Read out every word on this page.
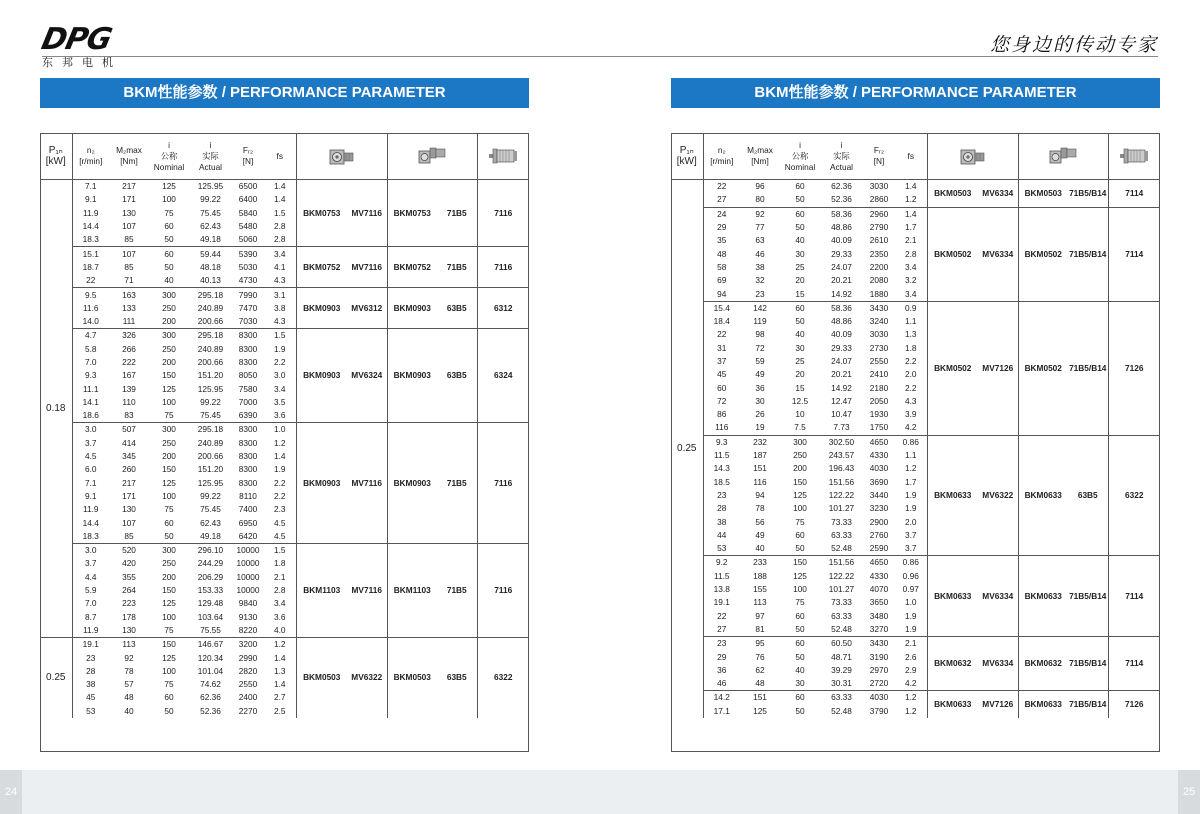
DPG
东邦电机
您身边的传动专家
BKM性能参数 / PERFORMANCE PARAMETER	BKM性能参数 / PERFORMANCE PARAMETER
P₁ₙ
[kW]	n₂
[r/min]	M₂max
[Nm]	i
公称
Nominal	i
实际
Actual	Fᵣ₂
[N]	fs	

0.18	7.1	217	125	125.95	6500	1.4	BKM0753	MV7116	BKM0753	71B5	7116
	9.1	171	100	99.22	6400	1.4					
	11.9	130	75	75.45	5840	1.5					
	14.4	107	60	62.43	5480	2.8					
	18.3	85	50	49.18	5060	2.8					
	15.1	107	60	59.44	5390	3.4	BKM0752	MV7116	BKM0752	71B5	7116
	18.7	85	50	48.18	5030	4.1					
	22	71	40	40.13	4730	4.3					
	9.5	163	300	295.18	7990	3.1	BKM0903	MV6312	BKM0903	63B5	6312
	11.6	133	250	240.89	7470	3.8					
	14.0	111	200	200.66	7030	4.3					
	4.7	326	300	295.18	8300	1.5	BKM0903	MV6324	BKM0903	63B5	6324
	5.8	266	250	240.89	8300	1.9					
	7.0	222	200	200.66	8300	2.2					
	9.3	167	150	151.20	8050	3.0					
	11.1	139	125	125.95	7580	3.4					
	14.1	110	100	99.22	7000	3.5					
	18.6	83	75	75.45	6390	3.6					
	3.0	507	300	295.18	8300	1.0	BKM0903	MV7116	BKM0903	71B5	7116
	3.7	414	250	240.89	8300	1.2					
	4.5	345	200	200.66	8300	1.4					
	6.0	260	150	151.20	8300	1.9					
	7.1	217	125	125.95	8300	2.2					
	9.1	171	100	99.22	8110	2.2					
	11.9	130	75	75.45	7400	2.3					
	14.4	107	60	62.43	6950	4.5					
	18.3	85	50	49.18	6420	4.5					
	3.0	520	300	296.10	10000	1.5	BKM1103	MV7116	BKM1103	71B5	7116
	3.7	420	250	244.29	10000	1.8					
	4.4	355	200	206.29	10000	2.1					
	5.9	264	150	153.33	10000	2.8					
	7.0	223	125	129.48	9840	3.4					
	8.7	178	100	103.64	9130	3.6					
	11.9	130	75	75.55	8220	4.0					
0.25	19.1	113	150	146.67	3200	1.2	BKM0503	MV6322	BKM0503	63B5	6322
	23	92	125	120.34	2990	1.4					
	28	78	100	101.04	2820	1.3					
	38	57	75	74.62	2550	1.4					
	45	48	60	62.36	2400	2.7					
	53	40	50	52.36	2270	2.5					
P₁ₙ
[kW]	n₂
[r/min]	M₂max
[Nm]	i
公称
Nominal	i
实际
Actual	Fᵣ₂
[N]	fs	

0.25	22	96	60	62.36	3030	1.4	BKM0503	MV6334	BKM0503	71B5/B14	7114
	27	80	50	52.36	2860	1.2					
	24	92	60	58.36	2960	1.4	BKM0502	MV6334	BKM0502	71B5/B14	7114
	29	77	50	48.86	2790	1.7					
	35	63	40	40.09	2610	2.1					
	48	46	30	29.33	2350	2.8					
	58	38	25	24.07	2200	3.4					
	69	32	20	20.21	2080	3.2					
	94	23	15	14.92	1880	3.4					
	15.4	142	60	58.36	3430	0.9	BKM0502	MV7126	BKM0502	71B5/B14	7126
	18.4	119	50	48.86	3240	1.1					
	22	98	40	40.09	3030	1.3					
	31	72	30	29.33	2730	1.8					
	37	59	25	24.07	2550	2.2					
	45	49	20	20.21	2410	2.0					
	60	36	15	14.92	2180	2.2					
	72	30	12.5	12.47	2050	4.3					
	86	26	10	10.47	1930	3.9					
	116	19	7.5	7.73	1750	4.2					
	9.3	232	300	302.50	4650	0.86	BKM0633	MV6322	BKM0633	63B5	6322
	11.5	187	250	243.57	4330	1.1					
	14.3	151	200	196.43	4030	1.2					
	18.5	116	150	151.56	3690	1.7					
	23	94	125	122.22	3440	1.9					
	28	78	100	101.27	3230	1.9					
	38	56	75	73.33	2900	2.0					
	44	49	60	63.33	2760	3.7					
	53	40	50	52.48	2590	3.7					
	9.2	233	150	151.56	4650	0.86	BKM0633	MV6334	BKM0633	71B5/B14	7114
	11.5	188	125	122.22	4330	0.96					
	13.8	155	100	101.27	4070	0.97					
	19.1	113	75	73.33	3650	1.0					
	22	97	60	63.33	3480	1.9					
	27	81	50	52.48	3270	1.9					
	23	95	60	60.50	3430	2.1	BKM0632	MV6334	BKM0632	71B5/B14	7114
	29	76	50	48.71	3190	2.6					
	36	62	40	39.29	2970	2.9					
	46	48	30	30.31	2720	4.2					
	14.2	151	60	63.33	4030	1.2	BKM0633	MV7126	BKM0633	71B5/B14	7126
	17.1	125	50	52.48	3790	1.2					
24	25
